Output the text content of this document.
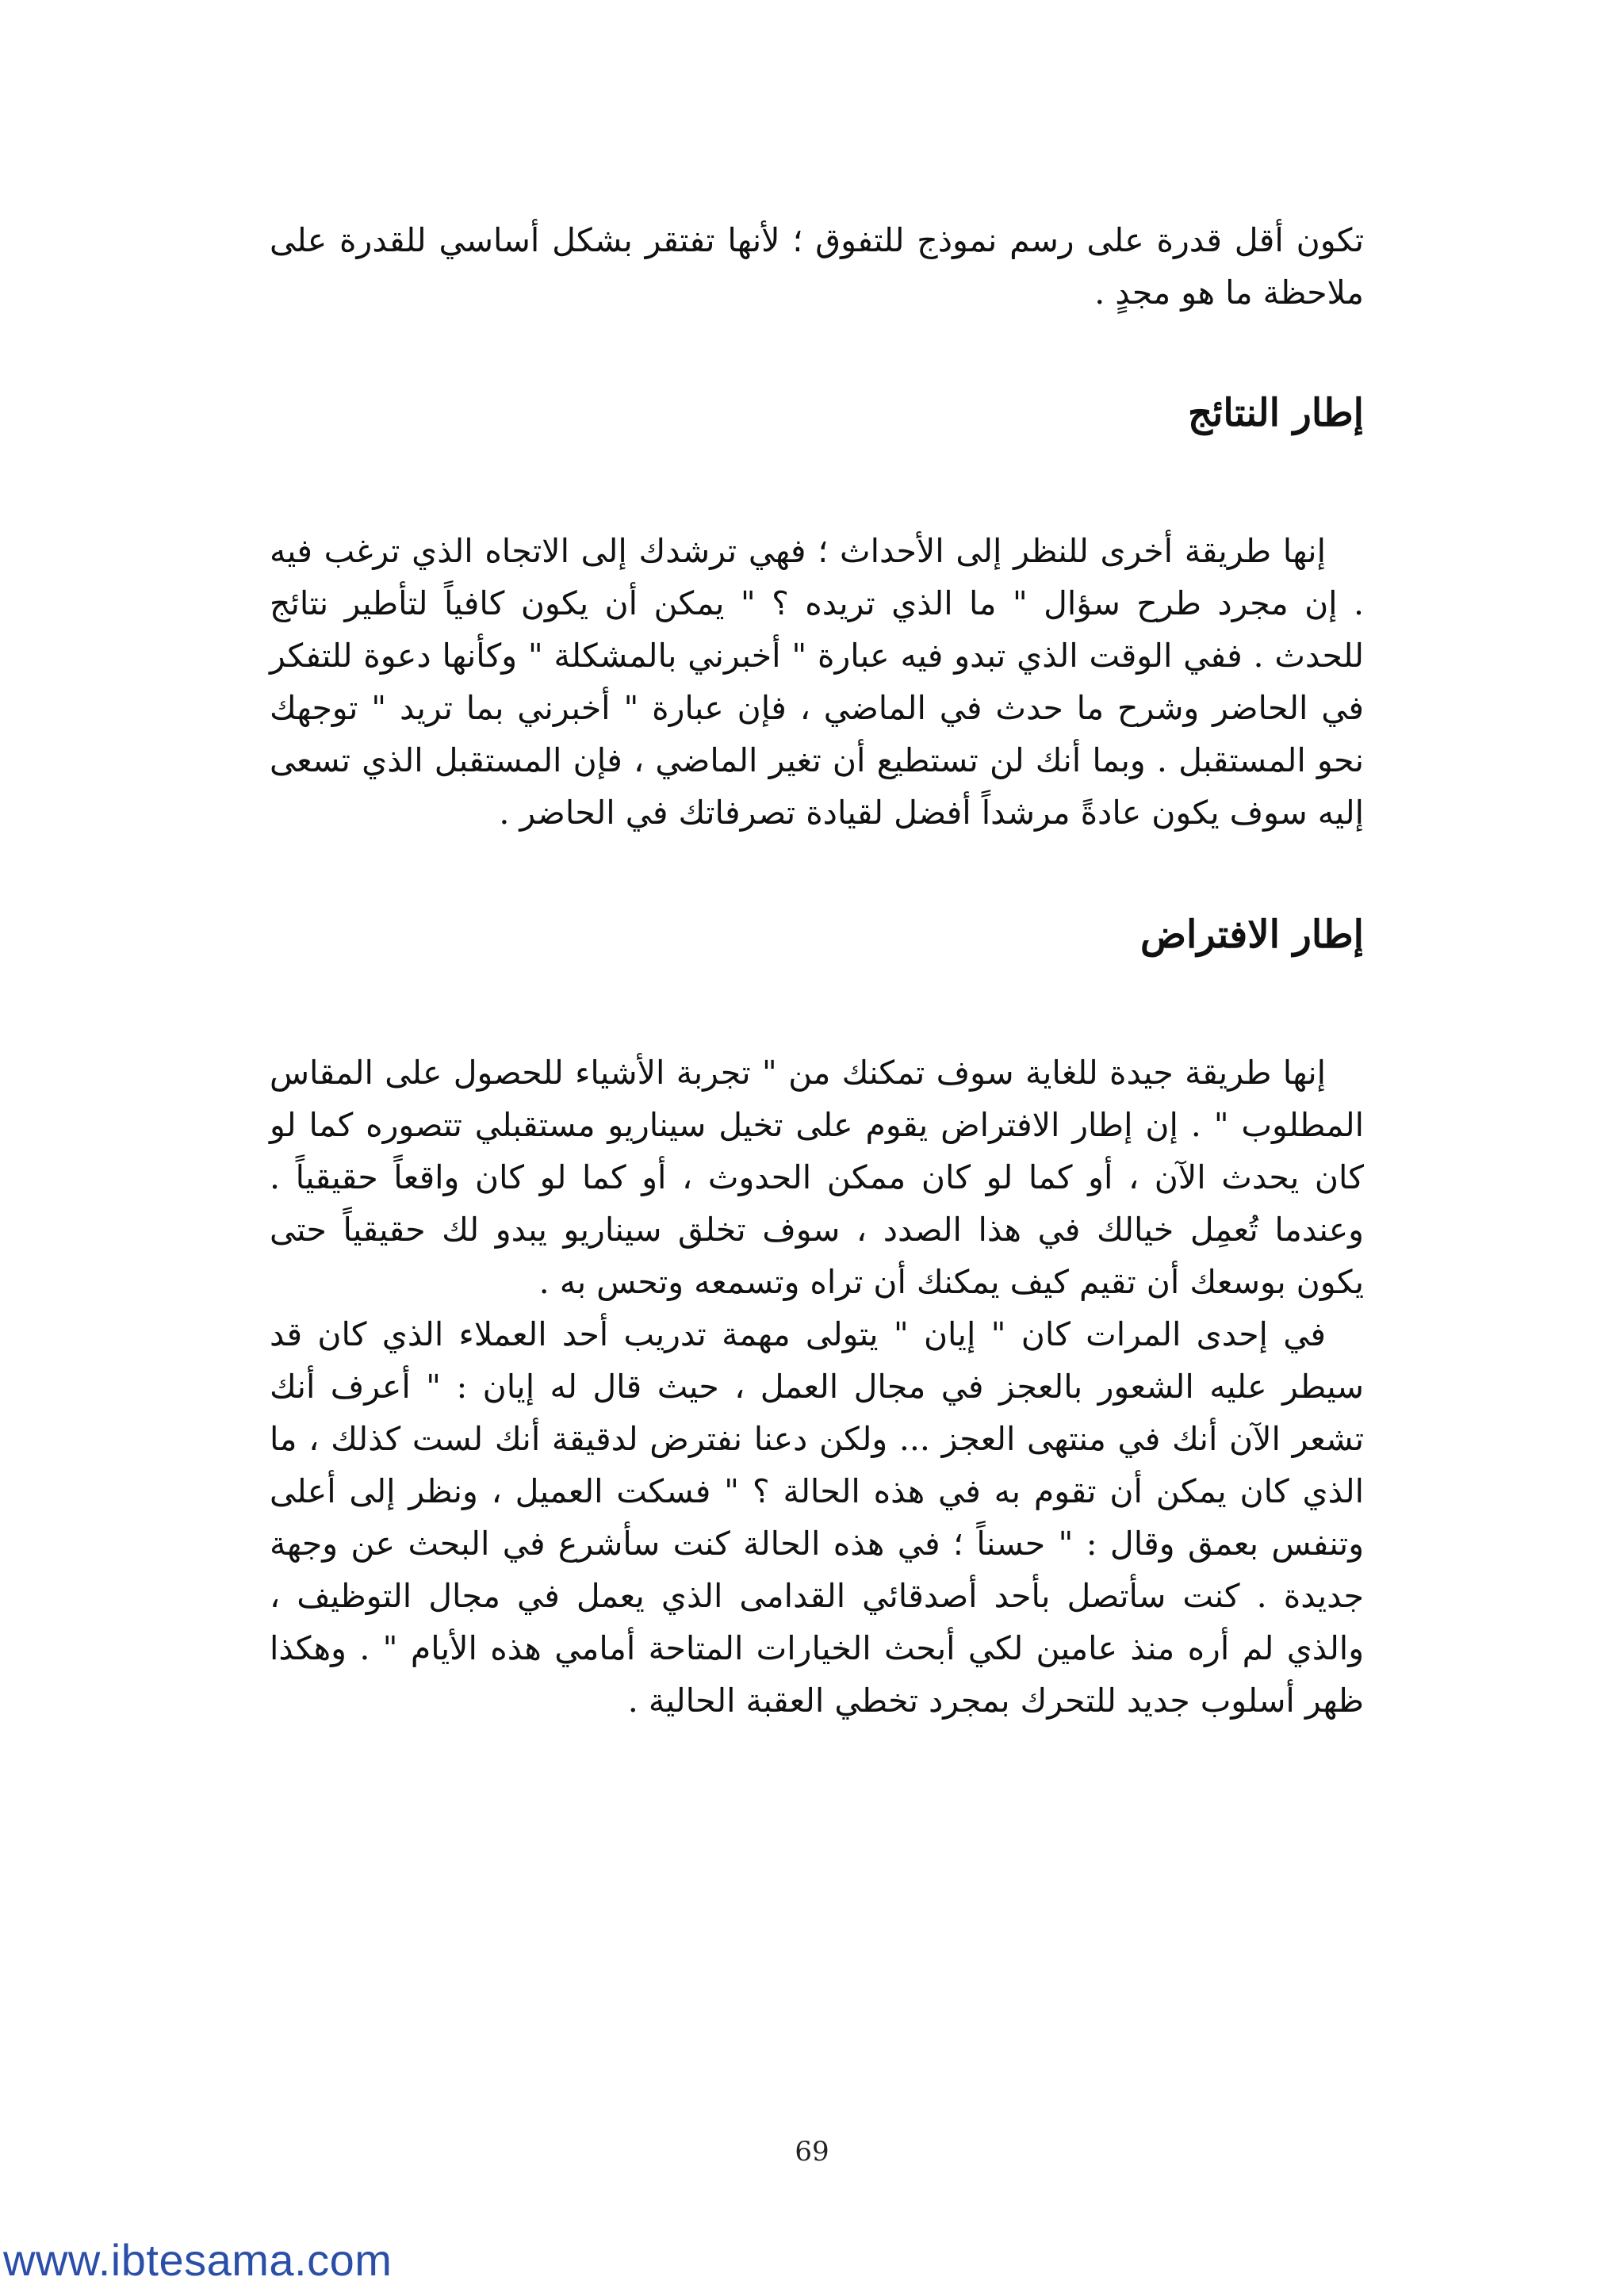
تكون أقل قدرة على رسم نموذج للتفوق ؛ لأنها تفتقر بشكل أساسي للقدرة على ملاحظة ما هو مجدٍ .

إطار النتائج

إنها طريقة أخرى للنظر إلى الأحداث ؛ فهي ترشدك إلى الاتجاه الذي ترغب فيه . إن مجرد طرح سؤال " ما الذي تريده ؟ " يمكن أن يكون كافياً لتأطير نتائج للحدث . ففي الوقت الذي تبدو فيه عبارة " أخبرني بالمشكلة " وكأنها دعوة للتفكر في الحاضر وشرح ما حدث في الماضي ، فإن عبارة " أخبرني بما تريد " توجهك نحو المستقبل . وبما أنك لن تستطيع أن تغير الماضي ، فإن المستقبل الذي تسعى إليه سوف يكون عادةً مرشداً أفضل لقيادة تصرفاتك في الحاضر .

إطار الافتراض

إنها طريقة جيدة للغاية سوف تمكنك من " تجربة الأشياء للحصول على المقاس المطلوب " . إن إطار الافتراض يقوم على تخيل سيناريو مستقبلي تتصوره كما لو كان يحدث الآن ، أو كما لو كان ممكن الحدوث ، أو كما لو كان واقعاً حقيقياً . وعندما تُعمِل خيالك في هذا الصدد ، سوف تخلق سيناريو يبدو لك حقيقياً حتى يكون بوسعك أن تقيم كيف يمكنك أن تراه وتسمعه وتحس به .

في إحدى المرات كان " إيان " يتولى مهمة تدريب أحد العملاء الذي كان قد سيطر عليه الشعور بالعجز في مجال العمل ، حيث قال له إيان : " أعرف أنك تشعر الآن أنك في منتهى العجز ... ولكن دعنا نفترض لدقيقة أنك لست كذلك ، ما الذي كان يمكن أن تقوم به في هذه الحالة ؟ " فسكت العميل ، ونظر إلى أعلى وتنفس بعمق وقال : " حسناً ؛ في هذه الحالة كنت سأشرع في البحث عن وجهة جديدة . كنت سأتصل بأحد أصدقائي القدامى الذي يعمل في مجال التوظيف ، والذي لم أره منذ عامين لكي أبحث الخيارات المتاحة أمامي هذه الأيام " . وهكذا ظهر أسلوب جديد للتحرك بمجرد تخطي العقبة الحالية .

69
www.ibtesama.com
